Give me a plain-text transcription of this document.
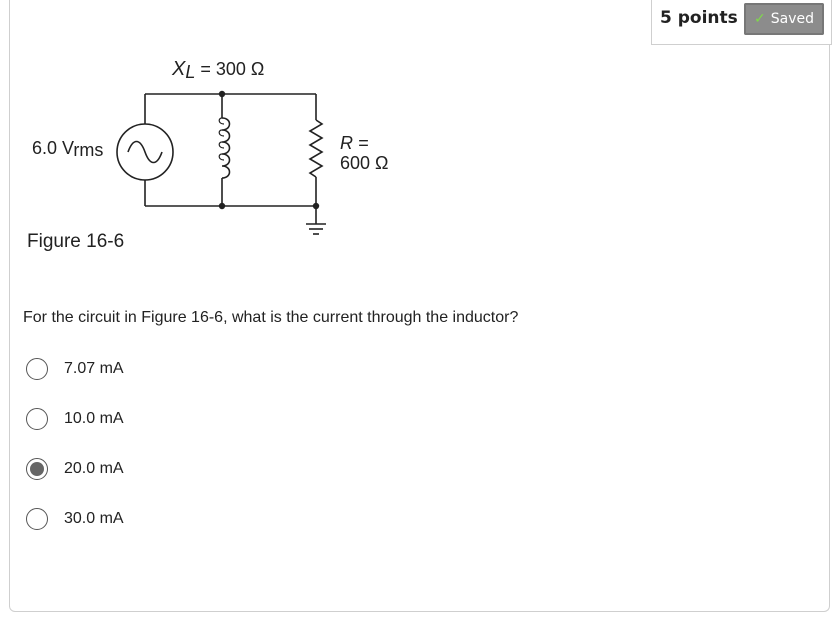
5 points ✓ Saved
6.0 $V_{rms}$
$X_L = 300$ Ω
R =
600 Ω
Figure 16-6
For the circuit in Figure 16-6, what is the current through the inductor?
7.07 mA
10.0 mA
20.0 mA
30.0 mA
